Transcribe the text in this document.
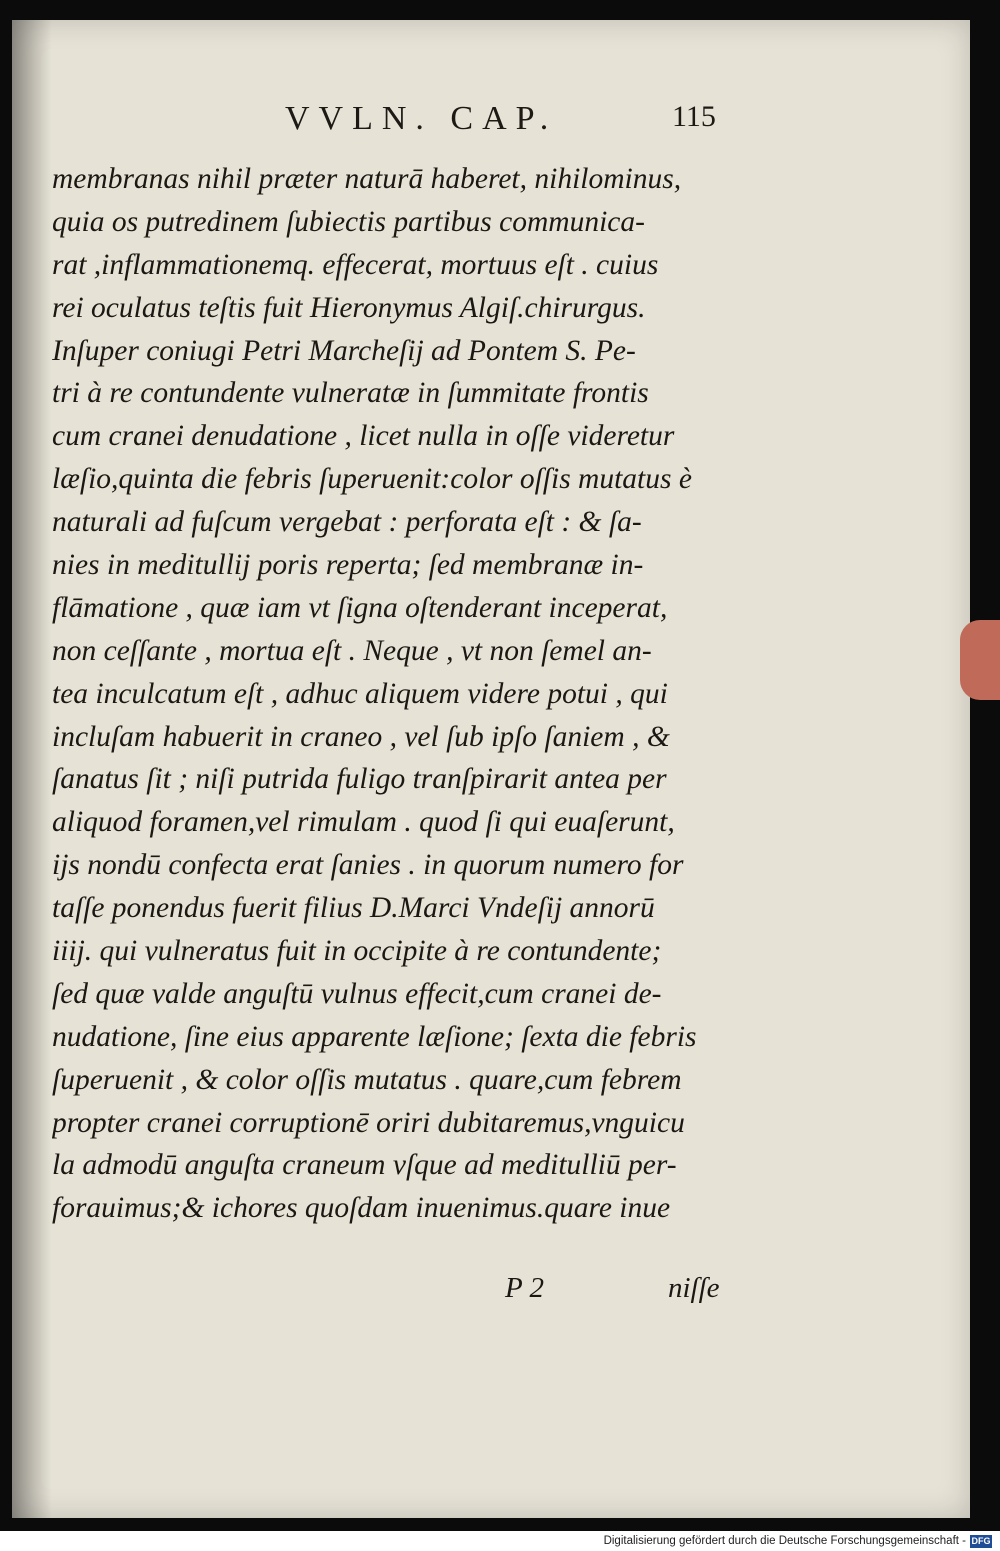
VVLN. CAP.	115
membranas nihil præter naturā haberet, nihilominus,
quia os putredinem ſubiectis partibus communica-
rat ,inflammationemq. effecerat, mortuus eſt . cuius
rei oculatus teſtis fuit Hieronymus Algiſ.chirurgus.
Inſuper coniugi Petri Marcheſij ad Pontem S. Pe-
tri à re contundente vulneratæ in ſummitate frontis
cum cranei denudatione , licet nulla in oſſe videretur
læſio,quinta die febris ſuperuenit:color oſſis mutatus è
naturali ad fuſcum vergebat : perforata eſt : & ſa-
nies in meditullij poris reperta; ſed membranæ in-
flāmatione , quæ iam vt ſigna oſtenderant inceperat,
non ceſſante , mortua eſt . Neque , vt non ſemel an-
tea inculcatum eſt , adhuc aliquem videre potui , qui
incluſam habuerit in craneo , vel ſub ipſo ſaniem , &
ſanatus ſit ; niſi putrida fuligo tranſpirarit antea per
aliquod foramen,vel rimulam . quod ſi qui euaſerunt,
ijs nondū confecta erat ſanies . in quorum numero for
taſſe ponendus fuerit filius D.Marci Vndeſij annorū
iiij. qui vulneratus fuit in occipite à re contundente;
ſed quæ valde anguſtū vulnus effecit,cum cranei de-
nudatione, ſine eius apparente læſione; ſexta die febris
ſuperuenit , & color oſſis mutatus . quare,cum febrem
propter cranei corruptionē oriri dubitaremus,vnguicu
la admodū anguſta craneum vſque ad meditulliū per-
forauimus;& ichores quoſdam inuenimus.quare inue
P 2	niſſe
Digitalisierung gefördert durch die Deutsche Forschungsgemeinschaft - DFG
